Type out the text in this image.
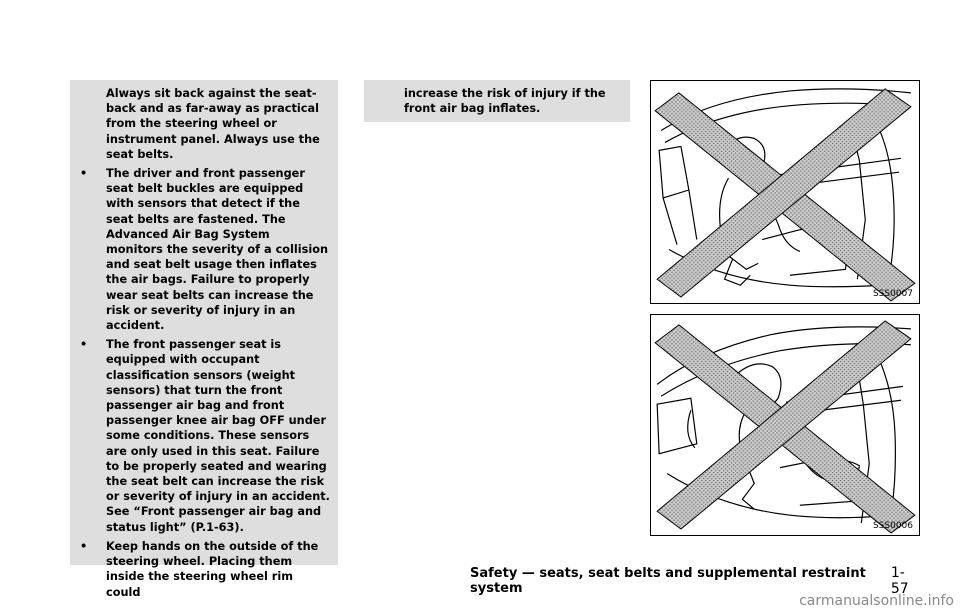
Always sit back against the seat-back and as far-away as practical from the steering wheel or instrument panel. Always use the seat belts.
• The driver and front passenger seat belt buckles are equipped with sensors that detect if the seat belts are fastened. The Advanced Air Bag System monitors the severity of a collision and seat belt usage then inflates the air bags. Failure to properly wear seat belts can increase the risk or severity of injury in an accident.
• The front passenger seat is equipped with occupant classification sensors (weight sensors) that turn the front passenger air bag and front passenger knee air bag OFF under some conditions. These sensors are only used in this seat. Failure to be properly seated and wearing the seat belt can increase the risk or severity of injury in an accident. See “Front passenger air bag and status light” (P.1-63).
• Keep hands on the outside of the steering wheel. Placing them inside the steering wheel rim could
increase the risk of injury if the front air bag inflates.
SSS0007
SSS0006
Safety — seats, seat belts and supplemental restraint system
1-57
carmanualsonline.info
